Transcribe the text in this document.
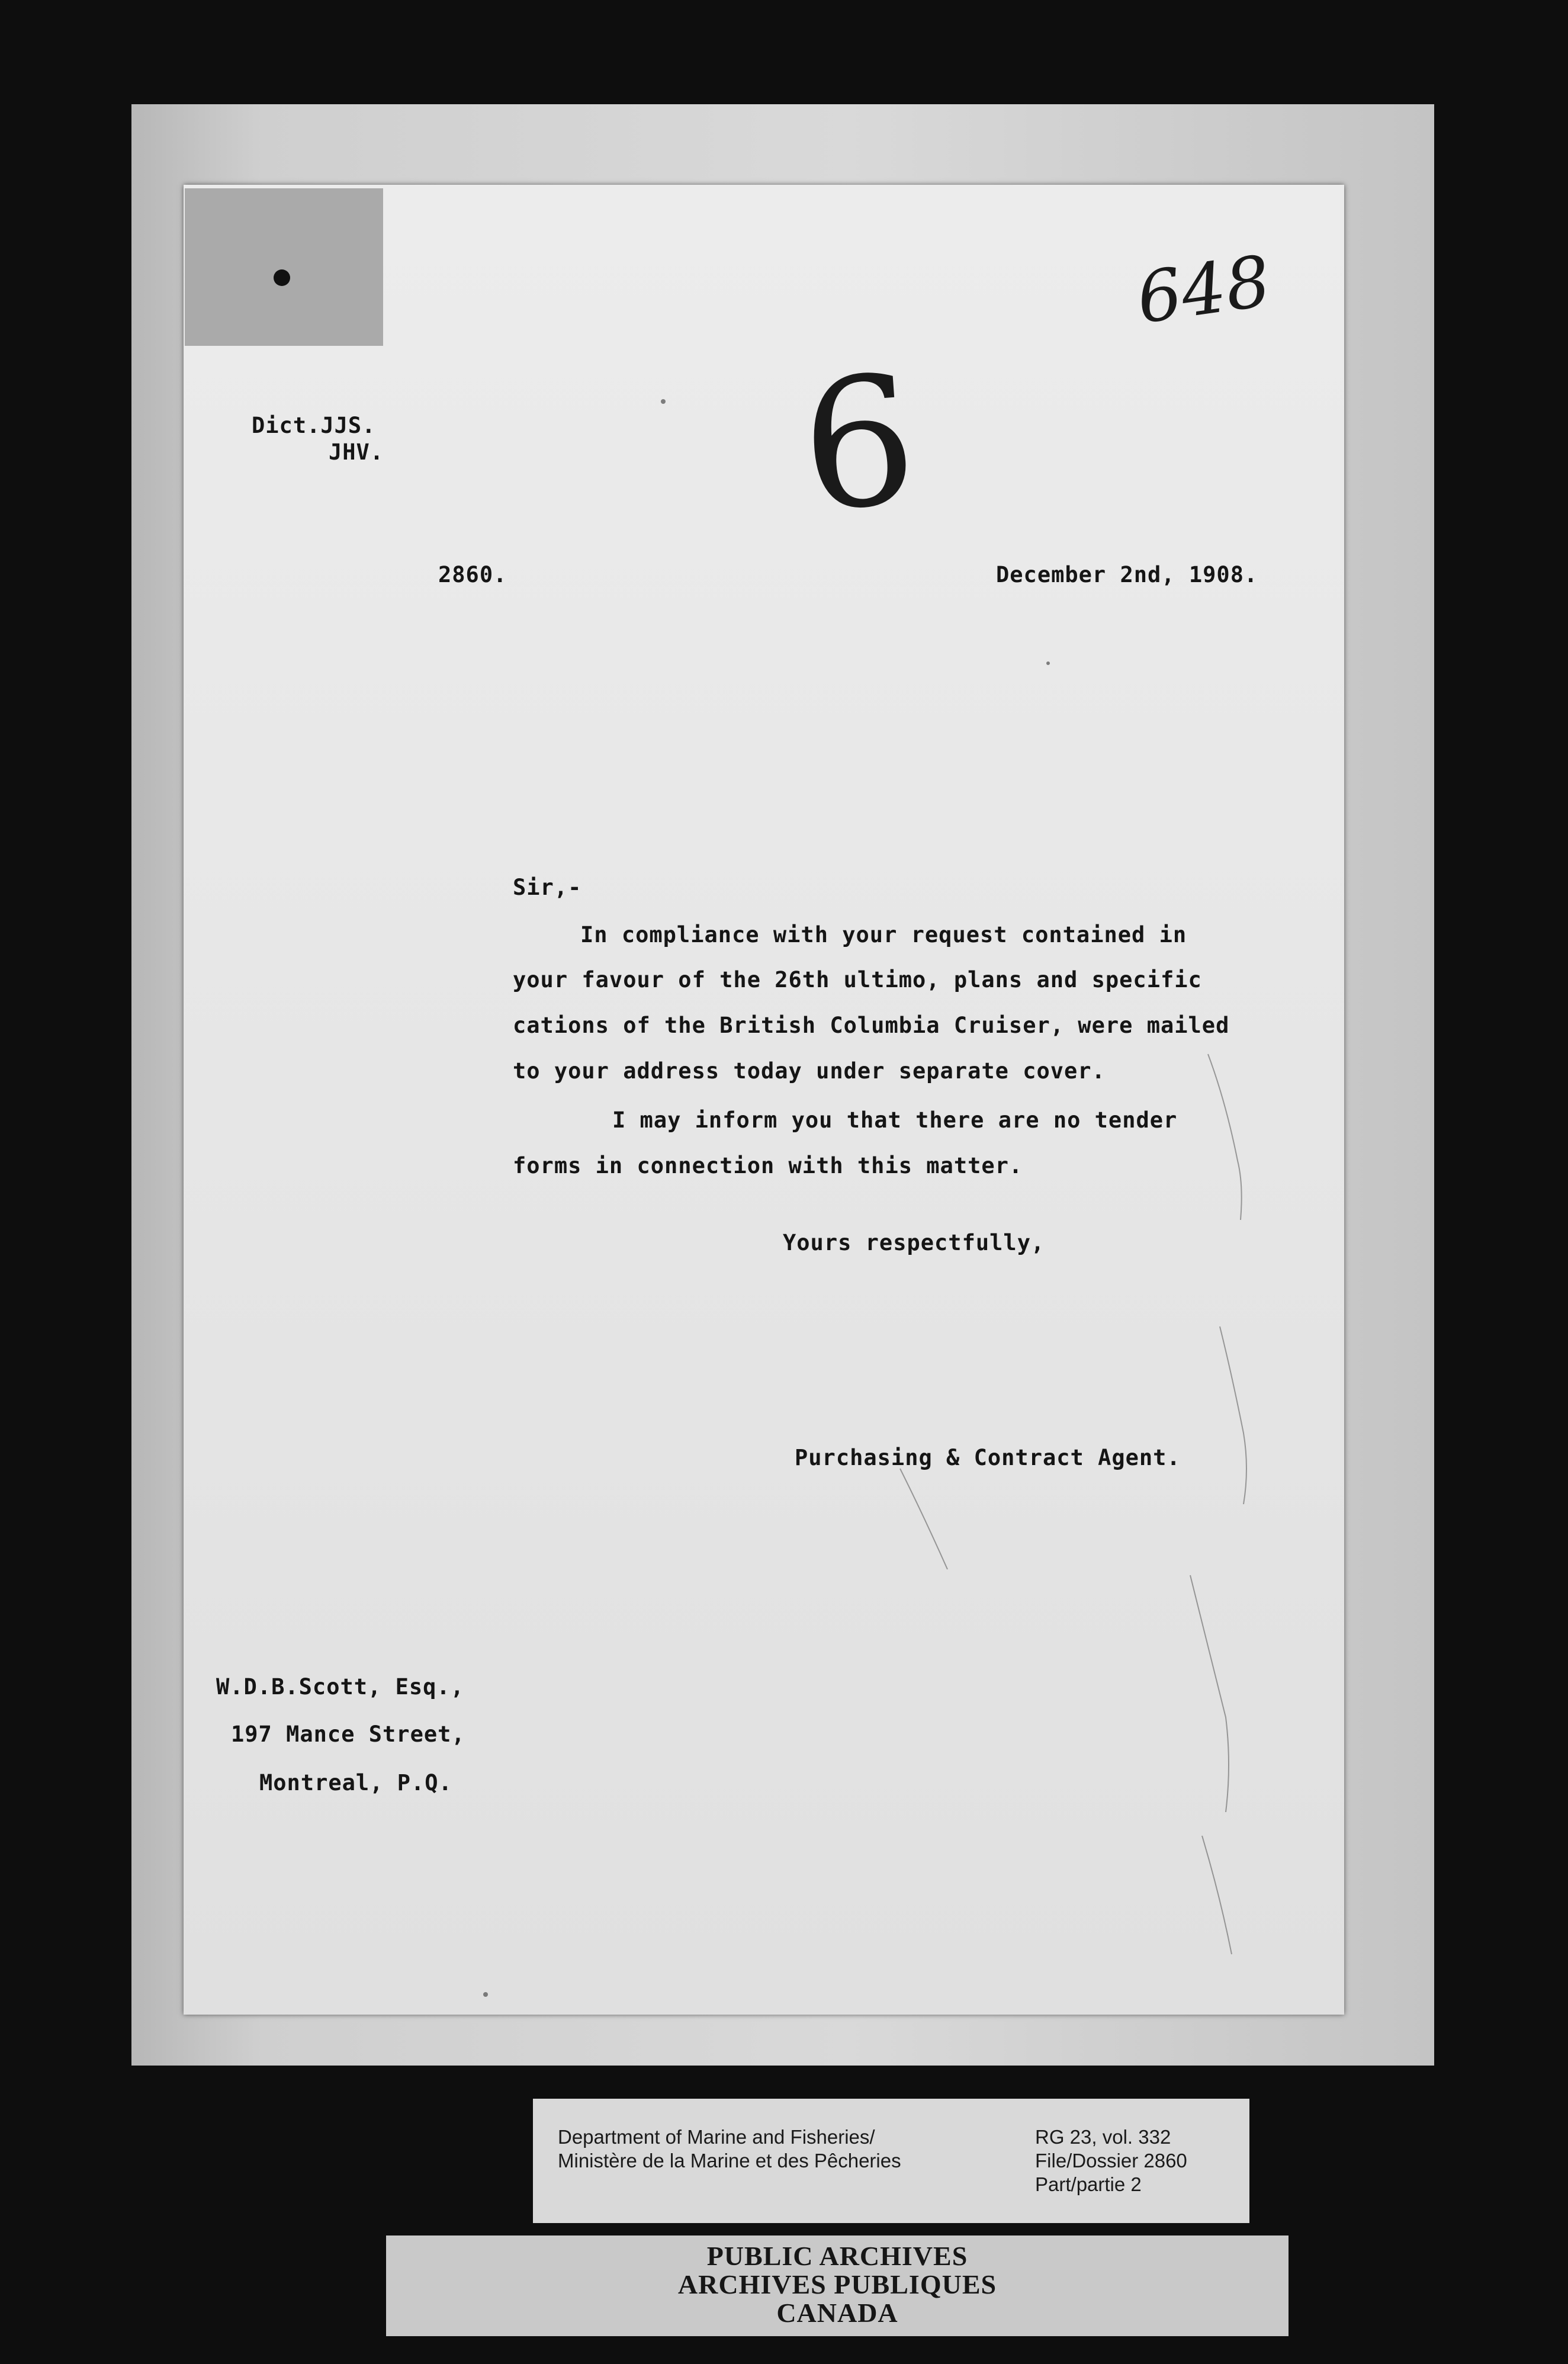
648
6
Dict.JJS.
JHV.
2860.	December 2nd, 1908.
Sir,-
In compliance with your request contained in
your favour of the 26th ultimo, plans and specific
cations of the British Columbia Cruiser, were mailed
to your address today under separate cover.
I may inform you that there are no tender
forms in connection with this matter.
Yours respectfully,
Purchasing & Contract Agent.
W.D.B.Scott, Esq.,
197 Mance Street,
Montreal, P.Q.
Department of Marine and Fisheries/
Ministère de la Marine et des Pêcheries
RG 23, vol. 332
File/Dossier 2860
Part/partie 2
PUBLIC ARCHIVES
ARCHIVES PUBLIQUES
CANADA
